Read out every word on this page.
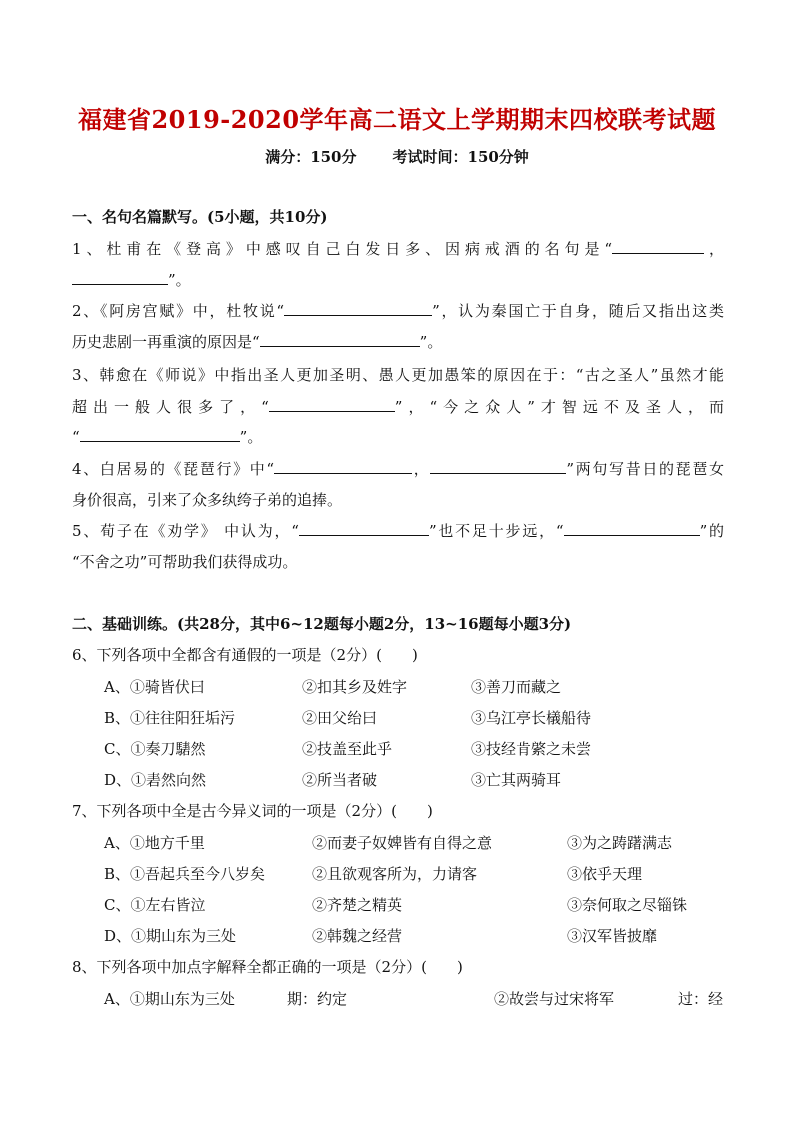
福建省2019-2020学年高二语文上学期期末四校联考试题
满分：150分 考试时间：150分钟
一、名句名篇默写。(5小题，共10分)
1、杜甫在《登高》中感叹自己白发日多、因病戒酒的名句是“	，
”。
2、《阿房宫赋》中，杜牧说“	”，认为秦国亡于自身，随后又指出这类
历史悲剧一再重演的原因是“	”。
3、韩愈在《师说》中指出圣人更加圣明、愚人更加愚笨的原因在于：“古之圣人”虽然才能
超出一般人很多了，“	”，“今之众人”才智远不及圣人，而
“	”。
4、白居易的《琵琶行》中“	，	”两句写昔日的琵琶女
身价很高，引来了众多纨绔子弟的追捧。
5、荀子在《劝学》 中认为，“	”也不足十步远，“	”的
“不舍之功”可帮助我们获得成功。
二、基础训练。(共28分，其中6~12题每小题2分，13~16题每小题3分)
6、下列各项中全都含有通假的一项是（2分）(　　)
A、①骑皆伏曰	②扣其乡及姓字	③善刀而藏之
B、①往往阳狂垢污	②田父绐曰	③乌江亭长檥船待
C、①奏刀騞然	②技盖至此乎	③技经肯綮之未尝
D、①砉然向然	②所当者破	③亡其两骑耳
7、下列各项中全是古今异义词的一项是（2分）(　　)
A、①地方千里	②而妻子奴婢皆有自得之意	③为之踌躇满志
B、①吾起兵至今八岁矣	②且欲观客所为，力请客	③依乎天理
C、①左右皆泣	②齐楚之精英	③奈何取之尽锱铢
D、①期山东为三处	②韩魏之经营	③汉军皆披靡
8、下列各项中加点字解释全都正确的一项是（2分）(　　)
A、①期山东为三处	期：约定	②故尝与过宋将军	过：经
